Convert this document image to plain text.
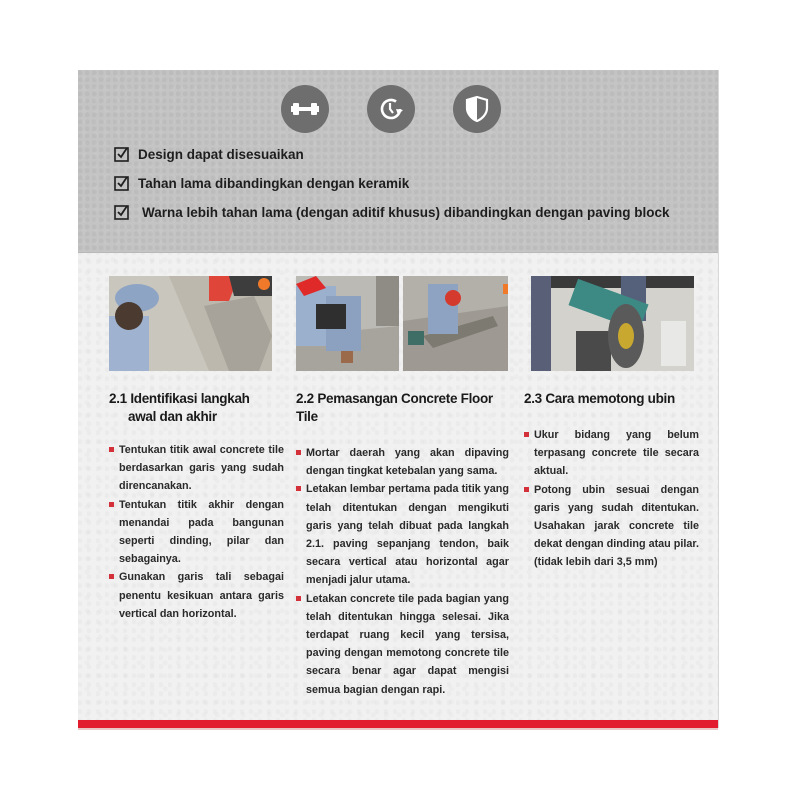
Design dapat disesuaikan
Tahan lama dibandingkan dengan keramik
Warna lebih tahan lama (dengan aditif khusus) dibandingkan dengan paving block
2.1 Identifikasi langkah
awal dan akhir
Tentukan titik awal concrete tile berdasarkan garis yang sudah direncanakan.
Tentukan titik akhir dengan menandai pada bangunan seperti dinding, pilar dan sebagainya.
Gunakan garis tali sebagai penentu kesikuan antara garis vertical dan horizontal.
2.2 Pemasangan Concrete Floor Tile
Mortar daerah yang akan dipaving dengan tingkat ketebalan yang sama.
Letakan lembar pertama pada titik yang telah ditentukan dengan mengikuti garis yang telah dibuat pada langkah 2.1. paving sepanjang tendon, baik secara vertical atau horizontal agar menjadi jalur utama.
Letakan concrete tile pada bagian yang telah ditentukan hingga selesai. Jika terdapat ruang kecil yang tersisa, paving dengan memotong concrete tile secara benar agar dapat mengisi semua bagian dengan rapi.
2.3 Cara memotong ubin
Ukur bidang yang belum terpasang concrete tile secara aktual.
Potong ubin sesuai dengan garis yang sudah ditentukan. Usahakan jarak concrete tile dekat dengan dinding atau pilar. (tidak lebih dari 3,5 mm)
